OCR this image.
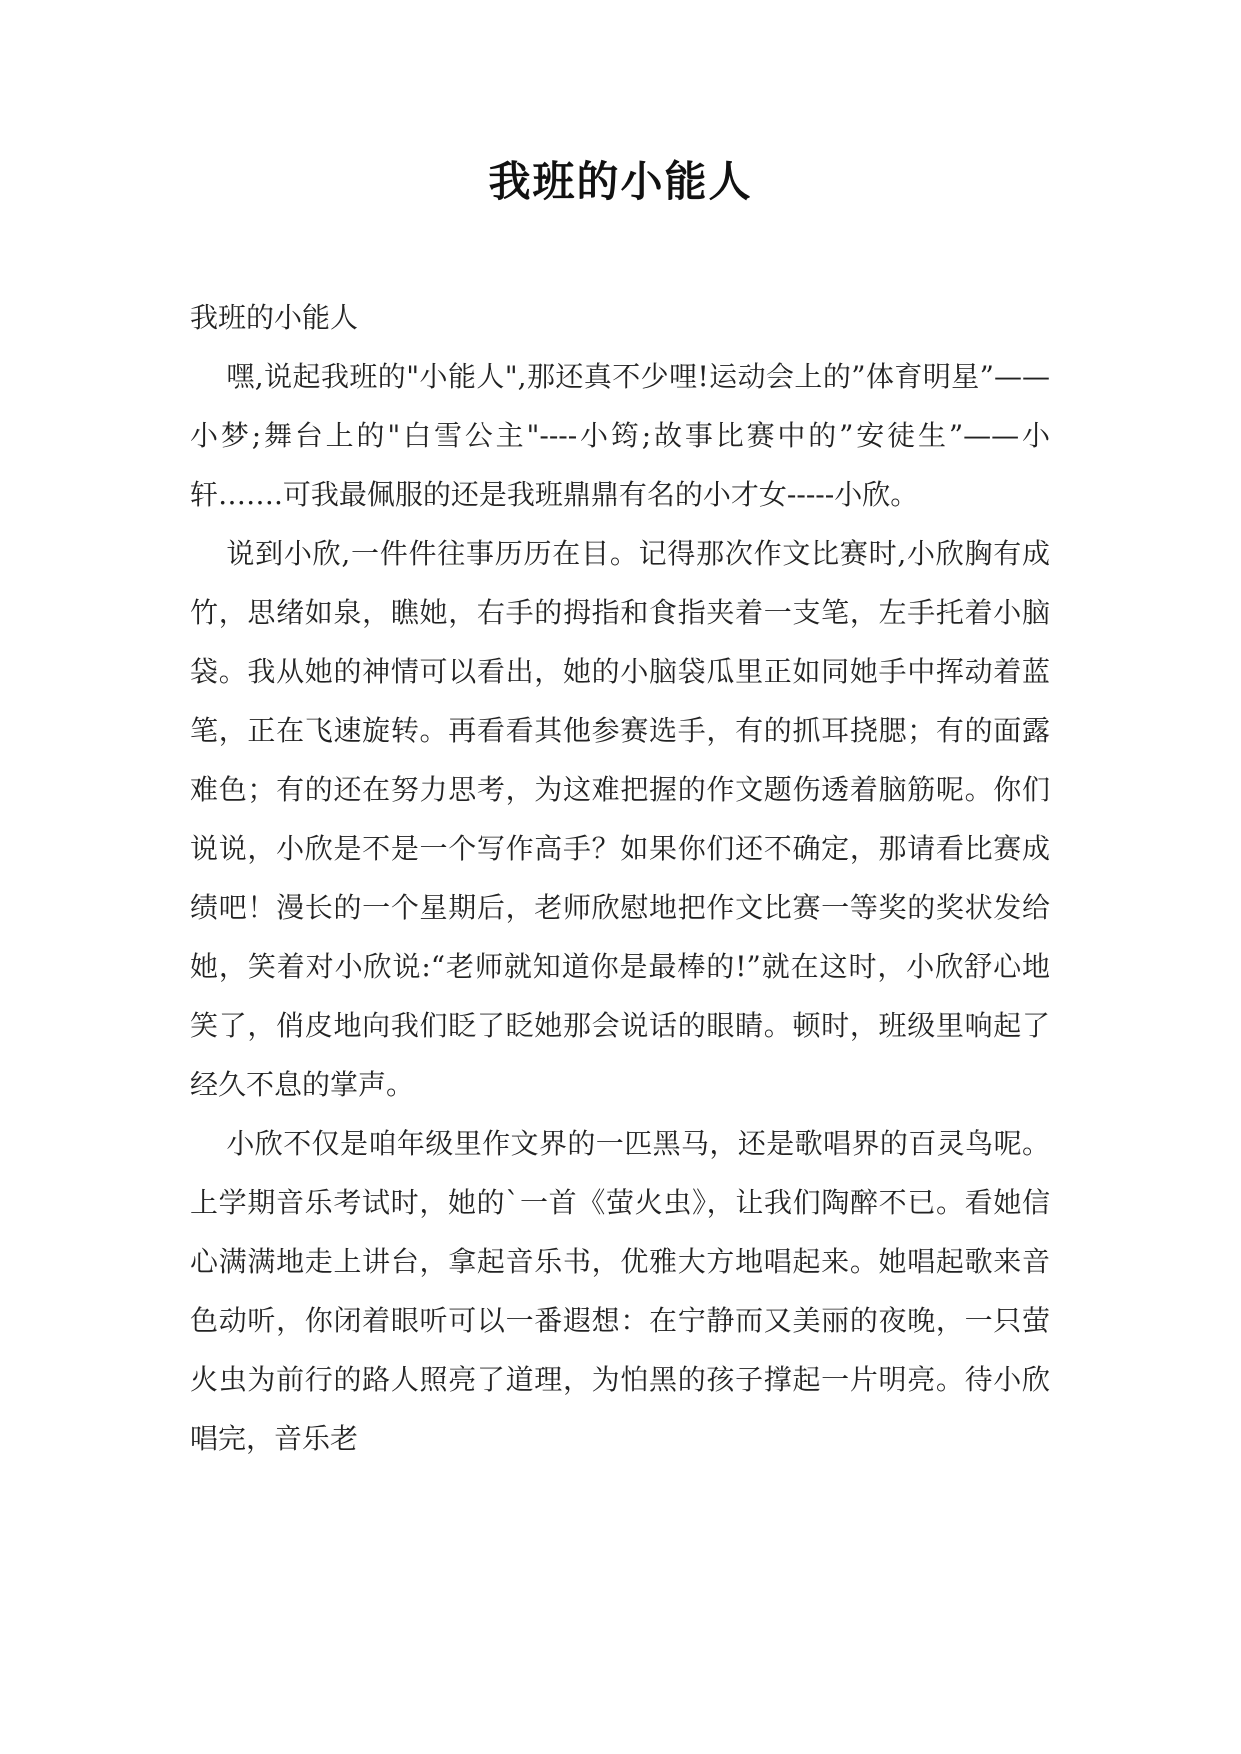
我班的小能人

我班的小能人

嘿,说起我班的"小能人",那还真不少哩!运动会上的”体育明星”——小梦;舞台上的"白雪公主"----小筠;故事比赛中的”安徒生”——小轩…….可我最佩服的还是我班鼎鼎有名的小才女-----小欣。

说到小欣,一件件往事历历在目。记得那次作文比赛时,小欣胸有成竹，思绪如泉，瞧她，右手的拇指和食指夹着一支笔，左手托着小脑袋。我从她的神情可以看出，她的小脑袋瓜里正如同她手中挥动着蓝笔，正在飞速旋转。再看看其他参赛选手，有的抓耳挠腮；有的面露难色；有的还在努力思考，为这难把握的作文题伤透着脑筋呢。你们说说，小欣是不是一个写作高手？如果你们还不确定，那请看比赛成绩吧！漫长的一个星期后，老师欣慰地把作文比赛一等奖的奖状发给她，笑着对小欣说:“老师就知道你是最棒的!”就在这时，小欣舒心地笑了，俏皮地向我们眨了眨她那会说话的眼睛。顿时，班级里响起了经久不息的掌声。

小欣不仅是咱年级里作文界的一匹黑马，还是歌唱界的百灵鸟呢。上学期音乐考试时，她的`一首《萤火虫》，让我们陶醉不已。看她信心满满地走上讲台，拿起音乐书，优雅大方地唱起来。她唱起歌来音色动听，你闭着眼听可以一番遐想：在宁静而又美丽的夜晚，一只萤火虫为前行的路人照亮了道理，为怕黑的孩子撑起一片明亮。待小欣唱完，音乐老
